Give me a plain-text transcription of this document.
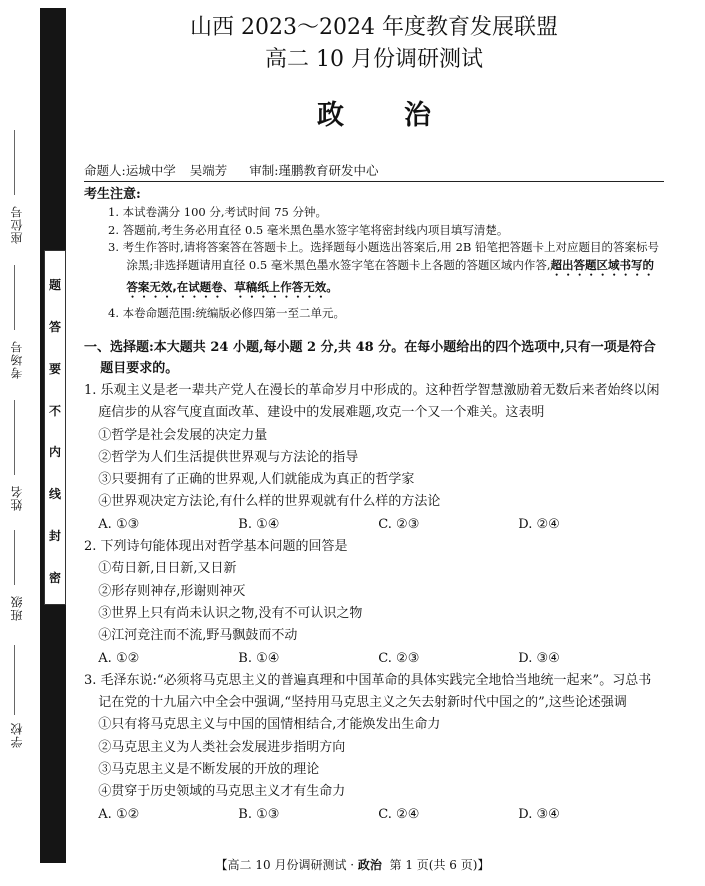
题
答
要
不
内
线
封
密
座位号
考场号
姓名
班级
学校
山西 2023～2024 年度教育发展联盟
高二 10 月份调研测试
政治
命题人:运城中学 吴端芳 审制:瑾鹏教育研发中心
考生注意:

1. 本试卷满分 100 分,考试时间 75 分钟。

2. 答题前,考生务必用直径 0.5 毫米黑色墨水签字笔将密封线内项目填写清楚。

3. 考生作答时,请将答案答在答题卡上。选择题每小题选出答案后,用 2B 铅笔把答题卡上对应题目的答案标号涂黑;非选择题请用直径 0.5 毫米黑色墨水签字笔在答题卡上各题的答题区域内作答,超出答题区域书写的答案无效,在试题卷、草稿纸上作答无效。

4. 本卷命题范围:统编版必修四第一至二单元。

一、选择题:本大题共 24 小题,每小题 2 分,共 48 分。在每小题给出的四个选项中,只有一项是符合题目要求的。
1. 乐观主义是老一辈共产党人在漫长的革命岁月中形成的。这种哲学智慧激励着无数后来者始终以闲庭信步的从容气度直面改革、建设中的发展难题,攻克一个又一个难关。这表明
①哲学是社会发展的决定力量
②哲学为人们生活提供世界观与方法论的指导
③只要拥有了正确的世界观,人们就能成为真正的哲学家
④世界观决定方法论,有什么样的世界观就有什么样的方法论
A. ①③	B. ①④	C. ②③	D. ②④
2. 下列诗句能体现出对哲学基本问题的回答是
①苟日新,日日新,又日新
②形存则神存,形谢则神灭
③世界上只有尚未认识之物,没有不可认识之物
④江河竞注而不流,野马飘鼓而不动
A. ①②	B. ①④	C. ②③	D. ③④
3. 毛泽东说:“必须将马克思主义的普遍真理和中国革命的具体实践完全地恰当地统一起来”。习总书记在党的十九届六中全会中强调,“坚持用马克思主义之矢去射新时代中国之的”,这些论述强调
①只有将马克思主义与中国的国情相结合,才能焕发出生命力
②马克思主义为人类社会发展进步指明方向
③马克思主义是不断发展的开放的理论
④贯穿于历史领域的马克思主义才有生命力
A. ①②	B. ①③	C. ②④	D. ③④
【高二 10 月份调研测试 · 政治 第 1 页(共 6 页)】
